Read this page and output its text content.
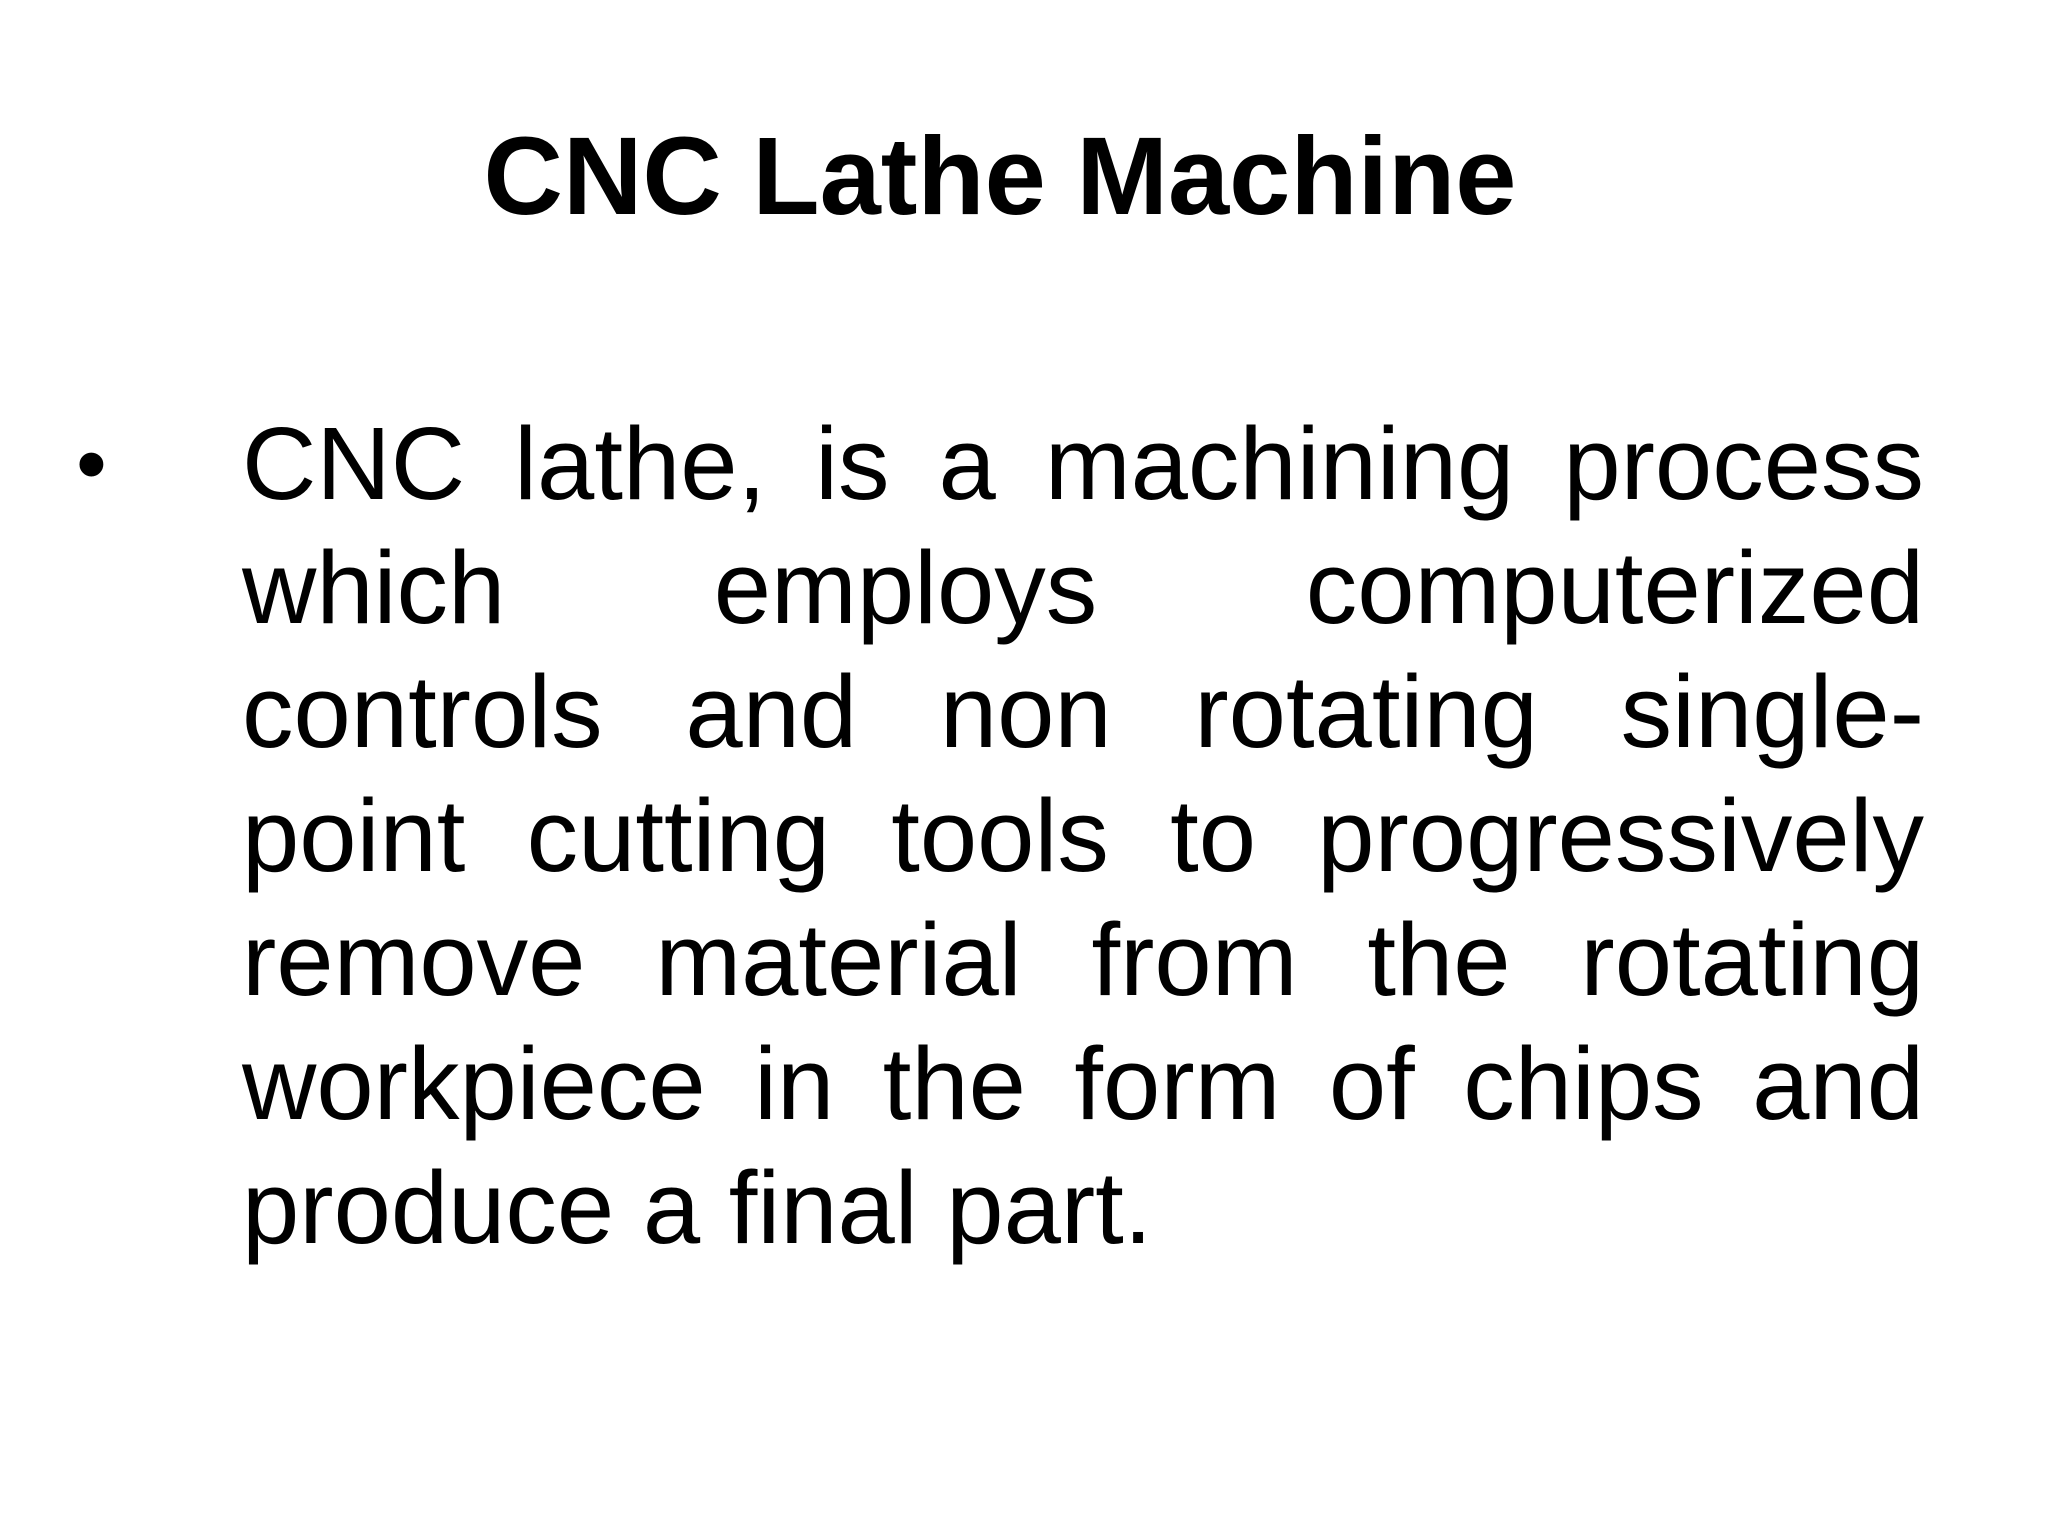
CNC Lathe Machine
• CNC lathe, is a machining process which employs computerized controls and non rotating single-point cutting tools to progressively remove material from the rotating workpiece in the form of chips and produce a final part.
